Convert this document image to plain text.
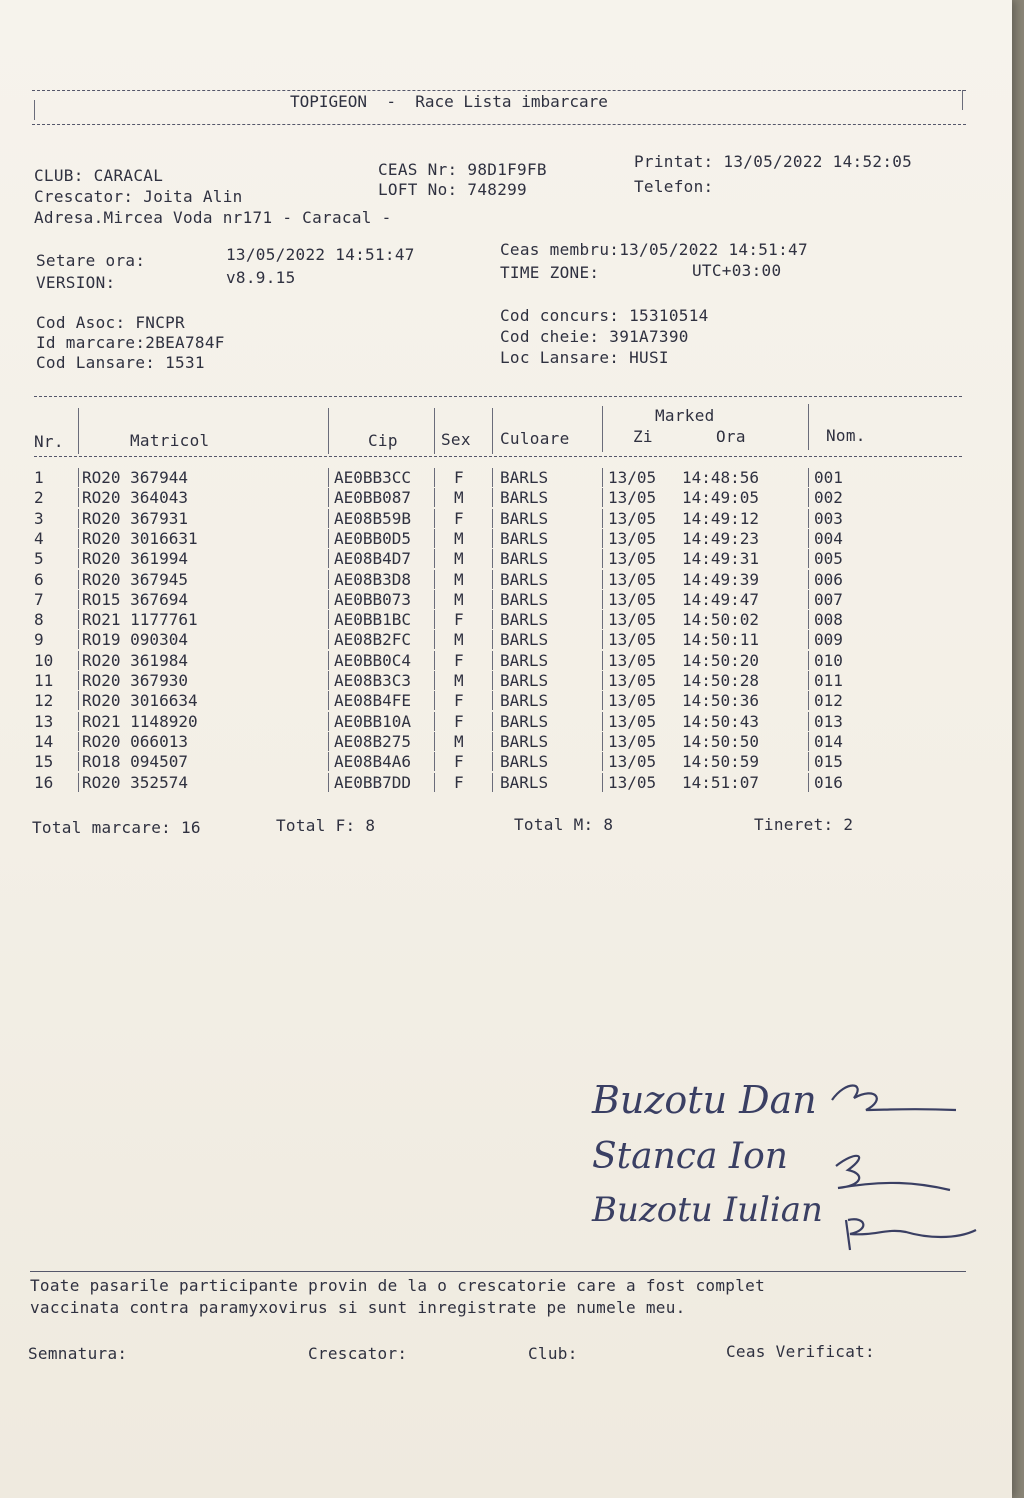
TOPIGEON  -  Race Lista imbarcare
CLUB: CARACAL
Crescator: Joita Alin
Adresa.Mircea Voda nr171 - Caracal -
CEAS Nr: 98D1F9FB
LOFT No: 748299
Printat: 13/05/2022 14:52:05
Telefon:
Setare ora:	13/05/2022 14:51:47
VERSION:	v8.9.15
Ceas membru:13/05/2022 14:51:47
TIME ZONE:	UTC+03:00
Cod Asoc: FNCPR
Id marcare:2BEA784F
Cod Lansare: 1531
Cod concurs: 15310514
Cod cheie: 391A7390
Loc Lansare: HUSI
Nr.	Matricol	Cip	Sex Culoare
Marked
Zi	Ora	Nom.
1 RO20 367944	AE0BB3CC	F BARLS	13/05 14:48:56	001
2 RO20 364043	AE0BB087	M BARLS	13/05 14:49:05	002
3 RO20 367931	AE08B59B	F BARLS	13/05 14:49:12	003
4 RO20 3016631	AE0BB0D5	M BARLS	13/05 14:49:23	004
5 RO20 361994	AE08B4D7	M BARLS	13/05 14:49:31	005
6 RO20 367945	AE08B3D8	M BARLS	13/05 14:49:39	006
7 RO15 367694	AE0BB073	M BARLS	13/05 14:49:47	007
8 RO21 1177761	AE0BB1BC	F BARLS	13/05 14:50:02	008
9 RO19 090304	AE08B2FC	M BARLS	13/05 14:50:11	009
10 RO20 361984	AE0BB0C4	F BARLS	13/05 14:50:20	010
11 RO20 367930	AE08B3C3	M BARLS	13/05 14:50:28	011
12 RO20 3016634	AE08B4FE	F BARLS	13/05 14:50:36	012
13 RO21 1148920	AE0BB10A	F BARLS	13/05 14:50:43	013
14 RO20 066013	AE08B275	M BARLS	13/05 14:50:50	014
15 RO18 094507	AE08B4A6	F BARLS	13/05 14:50:59	015
16 RO20 352574	AE0BB7DD	F BARLS	13/05 14:51:07	016
Total marcare: 16	Total F: 8	Total M: 8	Tineret: 2
Buzotu Dan
Stanca Ion
Buzotu Iulian
Toate pasarile participante provin de la o crescatorie care a fost complet
vaccinata contra paramyxovirus si sunt inregistrate pe numele meu.
Semnatura:	Crescator:	Club:	Ceas Verificat:
